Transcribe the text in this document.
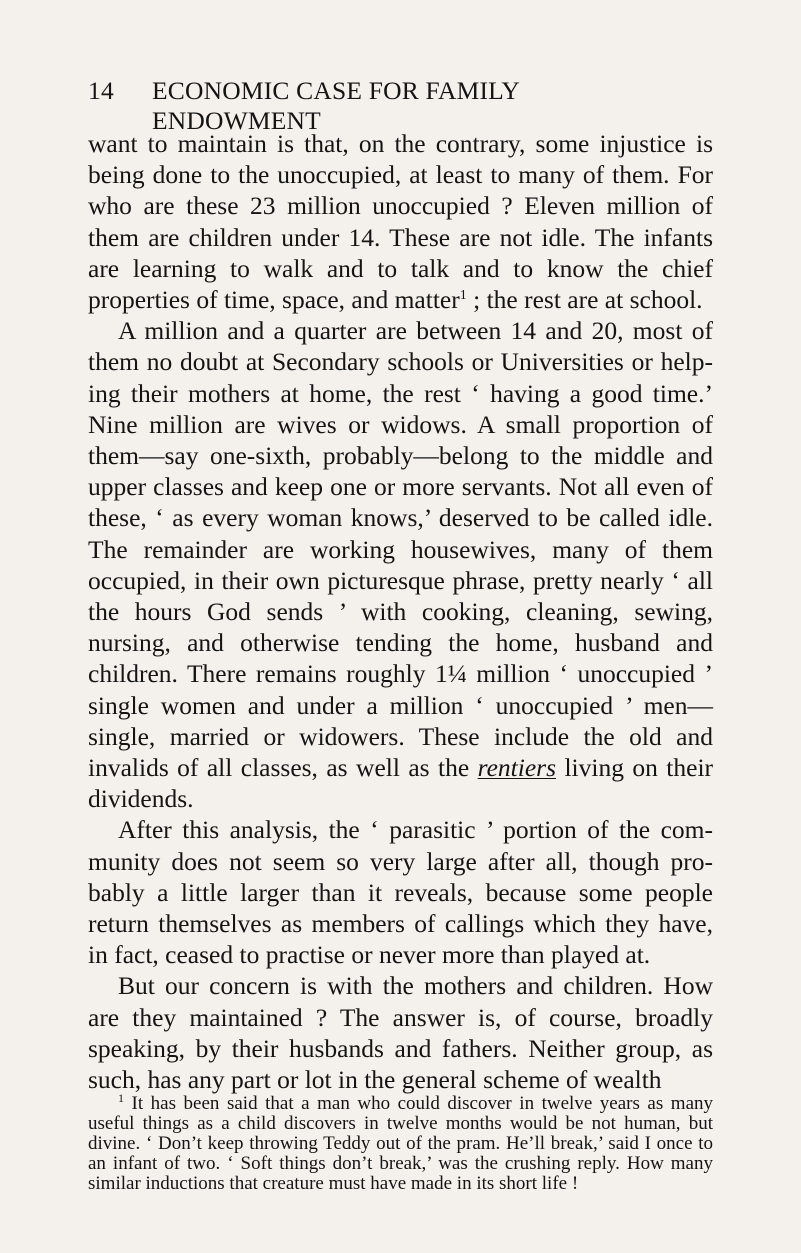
14	ECONOMIC CASE FOR FAMILY ENDOWMENT

want to maintain is that, on the contrary, some injustice is being done to the unoccupied, at least to many of them. For who are these 23 million unoccupied ? Eleven million of them are children under 14. These are not idle. The infants are learning to walk and to talk and to know the chief properties of time, space, and matter$^1$ ; the rest are at school.

A million and a quarter are between 14 and 20, most of them no doubt at Secondary schools or Universities or help- ing their mothers at home, the rest ‘ having a good time.’ Nine million are wives or widows. A small proportion of them—say one-sixth, probably—belong to the middle and upper classes and keep one or more servants. Not all even of these, ‘ as every woman knows,’ deserved to be called idle. The remainder are working housewives, many of them occupied, in their own picturesque phrase, pretty nearly ‘ all the hours God sends ’ with cooking, cleaning, sewing, nursing, and otherwise tending the home, husband and children. There remains roughly 1¼ million ‘ unoccupied ’ single women and under a million ‘ unoccupied ’ men— single, married or widowers. These include the old and invalids of all classes, as well as the rentiers living on their dividends.

After this analysis, the ‘ parasitic ’ portion of the com- munity does not seem so very large after all, though pro- bably a little larger than it reveals, because some people return themselves as members of callings which they have, in fact, ceased to practise or never more than played at.

But our concern is with the mothers and children. How are they maintained ? The answer is, of course, broadly speaking, by their husbands and fathers. Neither group, as such, has any part or lot in the general scheme of wealth

$^1$ It has been said that a man who could discover in twelve years as many useful things as a child discovers in twelve months would be not human, but divine. ‘ Don’t keep throwing Teddy out of the pram. He’ll break,’ said I once to an infant of two. ‘ Soft things don’t break,’ was the crushing reply. How many similar inductions that creature must have made in its short life !
